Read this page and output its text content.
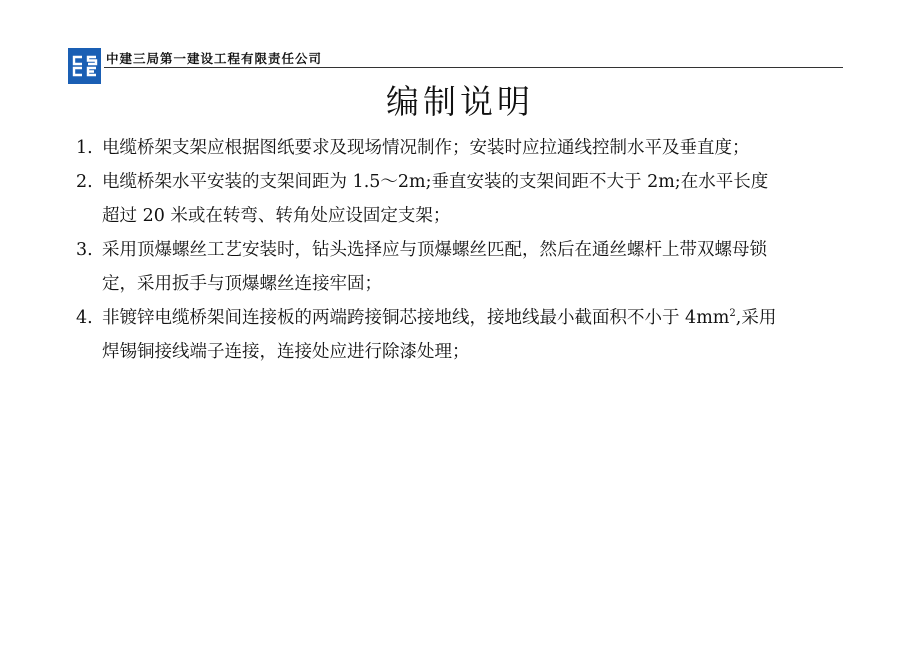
中建三局第一建设工程有限责任公司
编制说明
1. 电缆桥架支架应根据图纸要求及现场情况制作；安装时应拉通线控制水平及垂直度；
2. 电缆桥架水平安装的支架间距为 1.5～2m;垂直安装的支架间距不大于 2m;在水平长度
超过 20 米或在转弯、转角处应设固定支架；
3. 采用顶爆螺丝工艺安装时，钻头选择应与顶爆螺丝匹配，然后在通丝螺杆上带双螺母锁
定，采用扳手与顶爆螺丝连接牢固；
4. 非镀锌电缆桥架间连接板的两端跨接铜芯接地线，接地线最小截面积不小于 $4mm^2$,采用
焊锡铜接线端子连接，连接处应进行除漆处理；
